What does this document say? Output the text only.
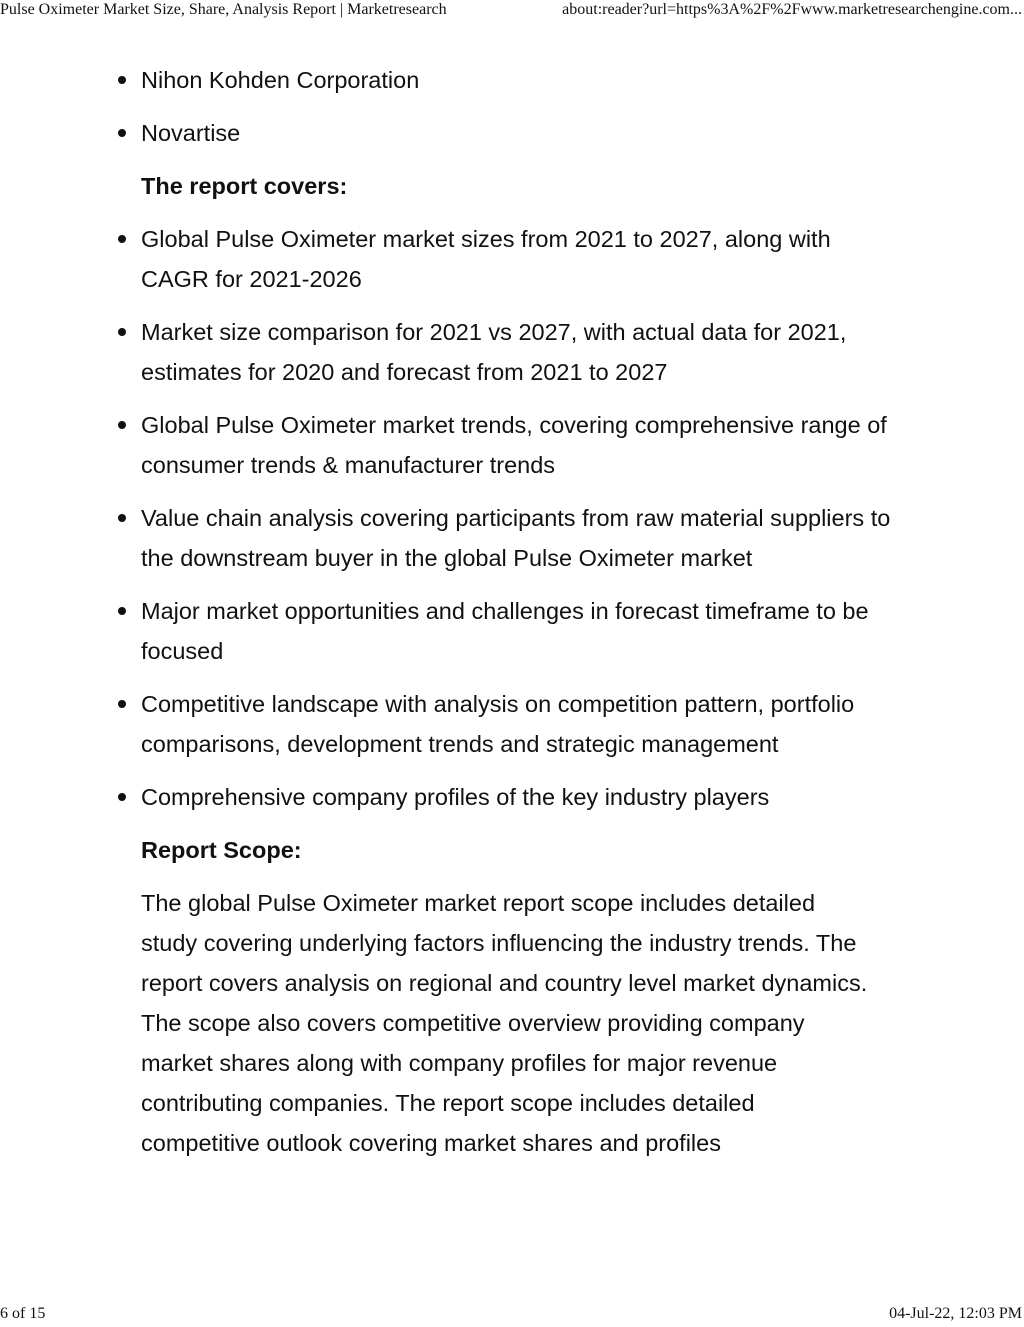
Pulse Oximeter Market Size, Share, Analysis Report | Marketresearch	about:reader?url=https%3A%2F%2Fwww.marketresearchengine.com...
Nihon Kohden Corporation
Novartise
The report covers:
Global Pulse Oximeter market sizes from 2021 to 2027, along with CAGR for 2021-2026
Market size comparison for 2021 vs 2027, with actual data for 2021, estimates for 2020 and forecast from 2021 to 2027
Global Pulse Oximeter market trends, covering comprehensive range of consumer trends & manufacturer trends
Value chain analysis covering participants from raw material suppliers to the downstream buyer in the global Pulse Oximeter market
Major market opportunities and challenges in forecast timeframe to be focused
Competitive landscape with analysis on competition pattern, portfolio comparisons, development trends and strategic management
Comprehensive company profiles of the key industry players
Report Scope:

The global Pulse Oximeter market report scope includes detailed study covering underlying factors influencing the industry trends. The report covers analysis on regional and country level market dynamics. The scope also covers competitive overview providing company market shares along with company profiles for major revenue contributing companies. The report scope includes detailed competitive outlook covering market shares and profiles

6 of 15	04-Jul-22, 12:03 PM
